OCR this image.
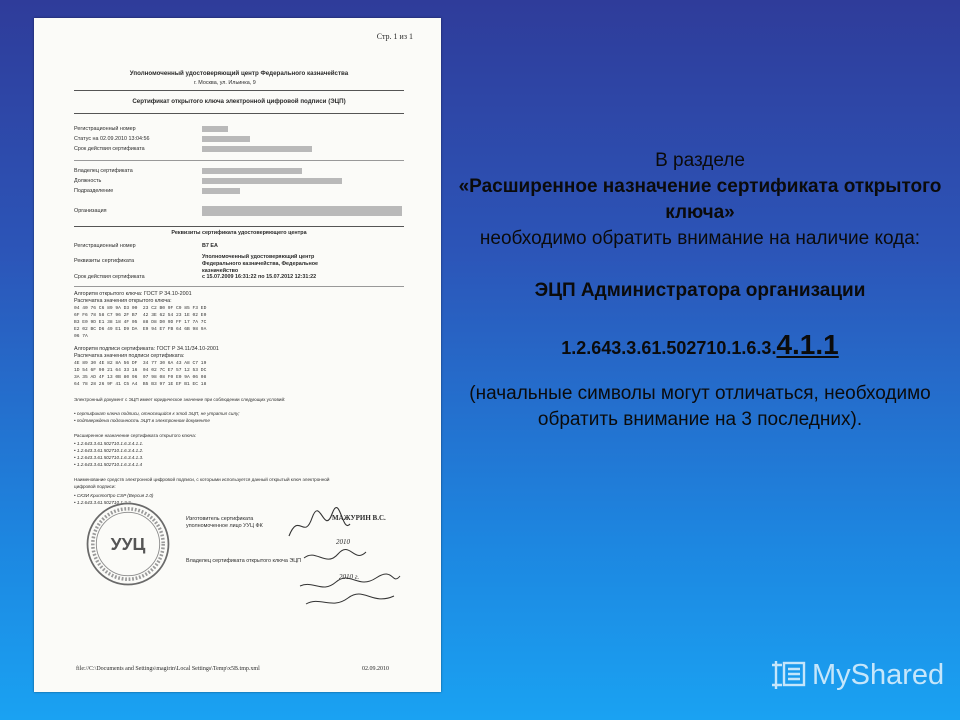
Стр. 1 из 1
Уполномоченный удостоверяющий центр Федерального казначейства
г. Москва, ул. Ильинка, 9
Сертификат открытого ключа электронной цифровой подписи (ЭЦП)
Регистрационный номер
Статус на 02.09.2010 13:04:56
Срок действия сертификата
Владелец сертификата
Должность
Подразделение
Организация
Реквизиты сертификата удостоверяющего центра
Регистрационный номер	B7 EA
Реквизиты сертификата
Уполномоченный удостоверяющий центр Федерального казначейства, Федеральное казначейство
Срок действия сертификата	с 15.07.2009 16:31:22 по 15.07.2012 12:31:22
Алгоритм открытого ключа: ГОСТ Р 34.10-2001
Распечатка значения открытого ключа:
04 40 76 C6 89 9A D3 00  23 C2 B0 9F C9 85 F3 ED
6F F6 78 58 C7 96 2F B7  42 3E 62 54 23 1E 02 E0
B3 E0 9D E1 38 18 4F 05  88 D8 D0 9D FF 17 7A 7C
E2 02 BC D6 49 E1 D9 DA  E9 94 E7 FB 64 6B 98 9A
06 7A
Алгоритм подписи сертификата: ГОСТ Р 34.11/34.10-2001
Распечатка значения подписи сертификата:
4E 89 30 4E 82 8A 56 DF  34 77 30 6A 43 A8 C7 19
1D 54 6F 90 21 64 33 16  04 02 7C E7 57 12 53 DC
3A 35 AD 4F 13 0B 80 96  07 98 08 F0 E0 9A 06 08
64 78 28 26 9F 41 C5 A4  B5 B3 97 1E EF B1 EC 18
Электронный документ с ЭЦП имеет юридическое значение при соблюдении следующих условий:
• сертификат ключа подписи, относящийся к этой ЭЦП, не утратил силу;
• подтверждена подлинность ЭЦП в электронном документе
Расширенное назначение сертификата открытого ключа:
• 1.2.643.3.61.502710.1.6.3.4.1.1.
• 1.2.643.3.61.502710.1.6.3.4.1.2.
• 1.2.643.3.61.502710.1.6.3.4.1.3.
• 1.2.643.3.61.502710.1.6.3.4.1.4
Наименование средств электронной цифровой подписи, с которыми используется данный открытый ключ электронной цифровой подписи:
• СКЗИ КриптоПро CSP (Версия 2.0)
• 1.2.643.3.61.502710.1.2.2
Изготовитель сертификата
уполномоченное лицо УУЦ ФК
МАЖУРИН В.С.
Владелец сертификата открытого ключа ЭЦП
2010
2010 г.
УУЦ
file://C:\Documents and Settings\magirin\Local Settings\Temp\x5B.tmp.xml	02.09.2010

В разделе

«Расширенное назначение сертификата открытого ключа»

необходимо обратить внимание на наличие кода:

ЭЦП Администратора организации

1.2.643.3.61.502710.1.6.3.4.1.1

(начальные символы могут отличаться, необходимо обратить внимание на 3 последних).

MyShared
